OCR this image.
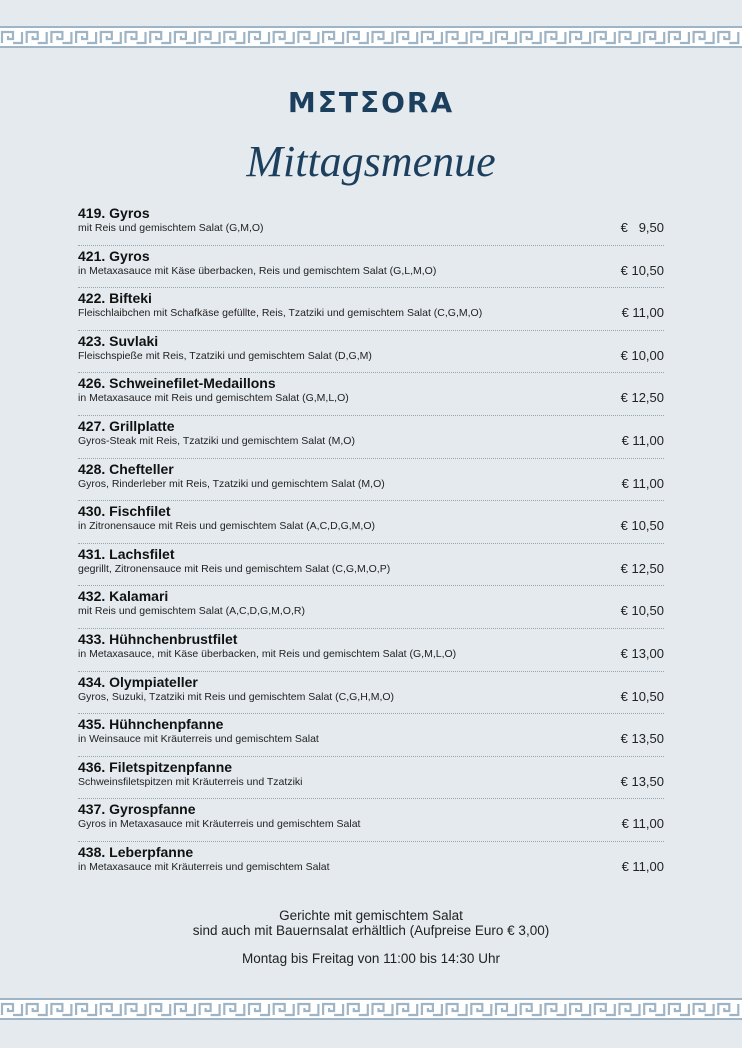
MΣTΣORA
Mittagsmenue
419. Gyros
mit Reis und gemischtem Salat (G,M,O)	€   9,50
421. Gyros
in Metaxasauce mit Käse überbacken, Reis und gemischtem Salat (G,L,M,O)	€ 10,50
422. Bifteki
Fleischlaibchen mit Schafkäse gefüllte, Reis, Tzatziki und gemischtem Salat (C,G,M,O)	€ 11,00
423. Suvlaki
Fleischspieße mit Reis, Tzatziki und gemischtem Salat (D,G,M)	€ 10,00
426. Schweinefilet-Medaillons
in Metaxasauce mit Reis und gemischtem Salat (G,M,L,O)	€ 12,50
427. Grillplatte
Gyros-Steak mit Reis, Tzatziki und gemischtem Salat (M,O)	€ 11,00
428. Chefteller
Gyros, Rinderleber mit Reis, Tzatziki und gemischtem Salat (M,O)	€ 11,00
430. Fischfilet
in Zitronensauce mit Reis und gemischtem Salat (A,C,D,G,M,O)	€ 10,50
431. Lachsfilet
gegrillt, Zitronensauce mit Reis und gemischtem Salat (C,G,M,O,P)	€ 12,50
432. Kalamari
mit Reis und gemischtem Salat (A,C,D,G,M,O,R)	€ 10,50
433. Hühnchenbrustfilet
in Metaxasauce, mit Käse überbacken, mit Reis und gemischtem Salat (G,M,L,O)	€ 13,00
434. Olympiateller
Gyros, Suzuki, Tzatziki mit Reis und gemischtem Salat (C,G,H,M,O)	€ 10,50
435. Hühnchenpfanne
in Weinsauce mit Kräuterreis und gemischtem Salat	€ 13,50
436. Filetspitzenpfanne
Schweinsfiletspitzen mit Kräuterreis und Tzatziki	€ 13,50
437. Gyrospfanne
Gyros in Metaxasauce mit Kräuterreis und gemischtem Salat	€ 11,00
438. Leberpfanne
in Metaxasauce mit Kräuterreis und gemischtem Salat	€ 11,00
Gerichte mit gemischtem Salat
sind auch mit Bauernsalat erhältlich (Aufpreise Euro € 3,00)
Montag bis Freitag von 11:00 bis 14:30 Uhr
